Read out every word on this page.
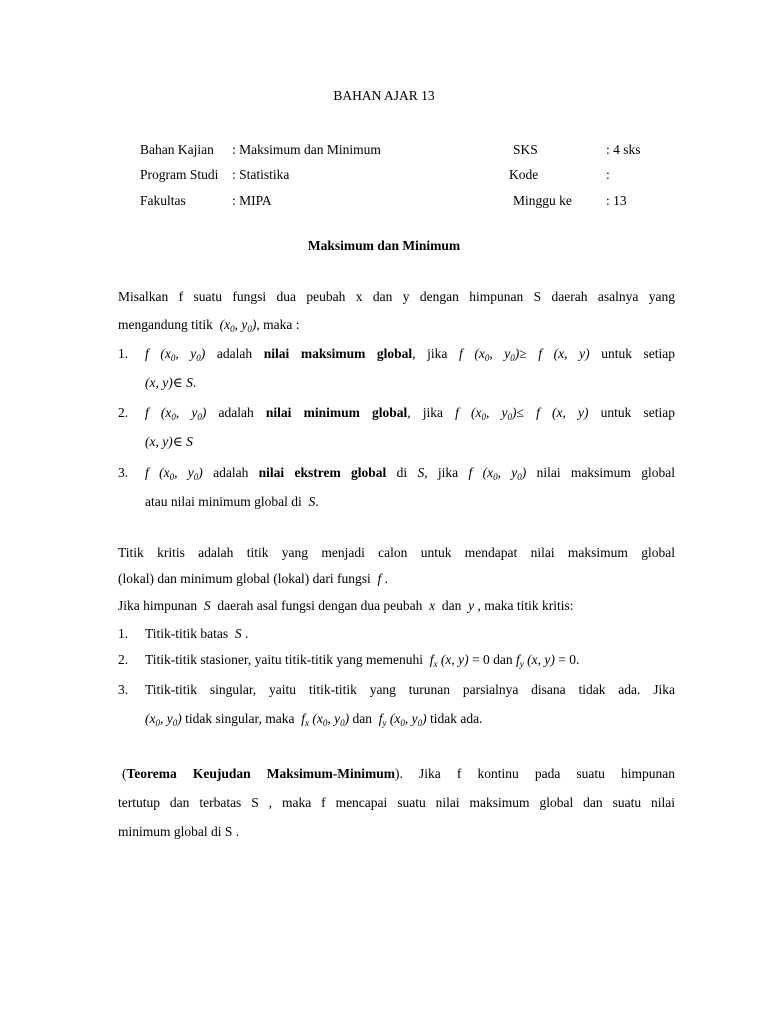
BAHAN AJAR 13
Bahan Kajian	: Maksimum dan Minimum	SKS	: 4 sks
Program Studi	: Statistika	Kode	:
Fakultas	: MIPA	Minggu ke	: 13
Maksimum dan Minimum
Misalkan f suatu fungsi dua peubah x dan y dengan himpunan S daerah asalnya yang
mengandung titik  ($x_0$, $y_0$), maka :
1. f ($x_0$, $y_0$) adalah nilai maksimum global, jika f ($x_0$, $y_0)\ge f$ (x, y) untuk setiap
(x, y)∈ S.
2. f ($x_0$, $y_0$) adalah nilai minimum global, jika f ($x_0$, $y_0)\le f$ (x, y) untuk setiap
(x, y)∈ S
3. f ($x_0$, $y_0$) adalah nilai ekstrem global di S, jika f ($x_0$, $y_0$) nilai maksimum global
atau nilai minimum global di  S.
Titik kritis adalah titik yang menjadi calon untuk mendapat nilai maksimum global
(lokal) dan minimum global (lokal) dari fungsi  f .
Jika himpunan  S  daerah asal fungsi dengan dua peubah  x  dan  y , maka titik kritis:
1. Titik-titik batas  S .
2. Titik-titik stasioner, yaitu titik-titik yang memenuhi  $f_x$ (x, y) = 0 dan $f_y$ (x, y) = 0.
3. Titik-titik singular, yaitu titik-titik yang turunan parsialnya disana tidak ada. Jika
($x_0$, $y_0$) tidak singular, maka  $f_x$ ($x_0$, $y_0$) dan  $f_y$ ($x_0$, $y_0$) tidak ada.
(Teorema Keujudan Maksimum-Minimum). Jika f kontinu pada suatu himpunan
tertutup dan terbatas S , maka f mencapai suatu nilai maksimum global dan suatu nilai
minimum global di S .
